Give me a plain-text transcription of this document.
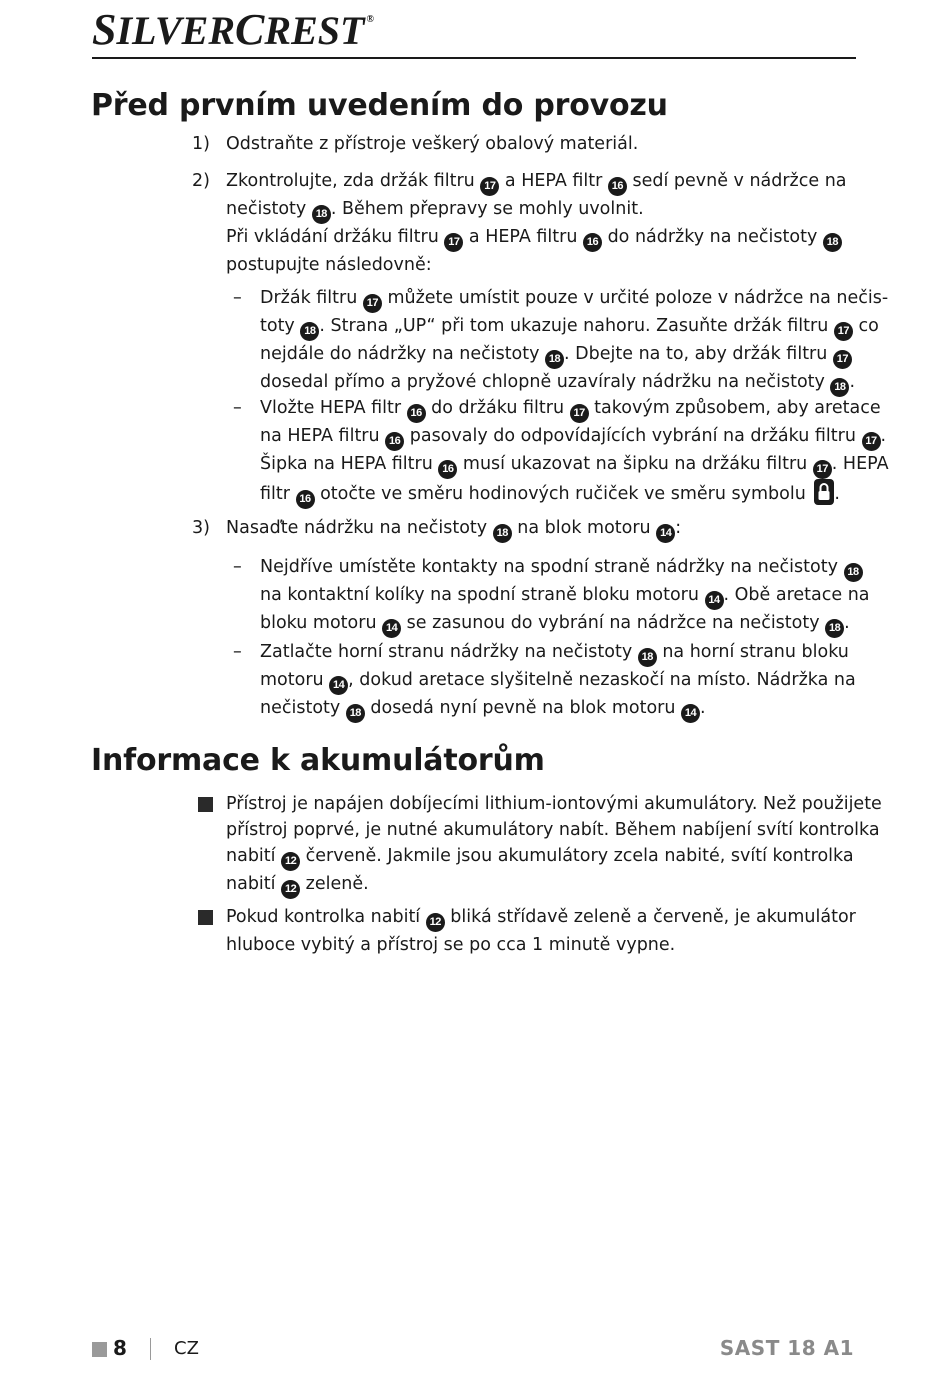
SILVERCREST ®
Před prvním uvedením do provozu
1) Odstraňte z přístroje veškerý obalový materiál.
2) Zkontrolujte, zda držák filtru 17 a HEPA filtr 16 sedí pevně v nádržce na
nečistoty 18 . Během přepravy se mohly uvolnit.
Při vkládání držáku filtru 17 a HEPA filtru 16 do nádržky na nečistoty 18
postupujte následovně:
– Držák filtru 17 můžete umístit pouze v určité poloze v nádržce na nečis-
toty 18 . Strana „UP“ při tom ukazuje nahoru. Zasuňte držák filtru 17 co
nejdále do nádržky na nečistoty 18 . Dbejte na to, aby držák filtru 17
dosedal přímo a pryžové chlopně uzavíraly nádržku na nečistoty 18 .
– Vložte HEPA filtr 16 do držáku filtru 17 takovým způsobem, aby aretace
na HEPA filtru 16 pasovaly do odpovídajících vybrání na držáku filtru 17 .
Šipka na HEPA filtru 16 musí ukazovat na šipku na držáku filtru 17 . HEPA
filtr 16 otočte ve směru hodinových ručiček ve směru symbolu .
3) Nasaďte nádržku na nečistoty 18 na blok motoru 14 :
– Nejdříve umístěte kontakty na spodní straně nádržky na nečistoty 18
na kontaktní kolíky na spodní straně bloku motoru 14 . Obě aretace na
bloku motoru 14 se zasunou do vybrání na nádržce na nečistoty 18 .
– Zatlačte horní stranu nádržky na nečistoty 18 na horní stranu bloku
motoru 14 , dokud aretace slyšitelně nezaskočí na místo. Nádržka na
nečistoty 18 dosedá nyní pevně na blok motoru 14 .
Informace k akumulátorům
Přístroj je napájen dobíjecími lithium-iontovými akumulátory. Než použijete
přístroj poprvé, je nutné akumulátory nabít. Během nabíjení svítí kontrolka
nabití 12 červeně. Jakmile jsou akumulátory zcela nabité, svítí kontrolka
nabití 12 zeleně.
Pokud kontrolka nabití 12 bliká střídavě zeleně a červeně, je akumulátor
hluboce vybitý a přístroj se po cca 1 minutě vypne.
8	CZ	SAST 18 A1
